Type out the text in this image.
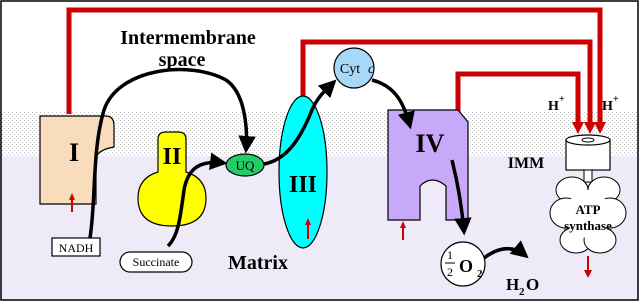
I	II
III
IV
ATP
synthase
UQ
Cyt c
NADH
Succinate	1
2 O 2
H 2 O
Intermembrane
space
Matrix
IMM
H +	H +
